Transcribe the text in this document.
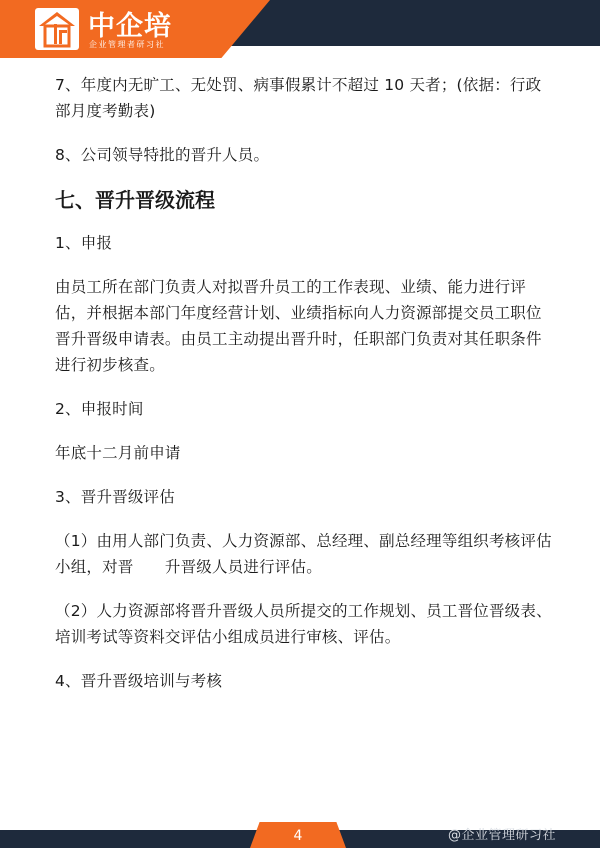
中企培
企业管理者研习社

7、年度内无旷工、无处罚、病事假累计不超过 10 天者；(依据：行政部月度考勤表)

8、公司领导特批的晋升人员。

七、晋升晋级流程

1、申报

由员工所在部门负责人对拟晋升员工的工作表现、业绩、能力进行评估，并根据本部门年度经营计划、业绩指标向人力资源部提交员工职位晋升晋级申请表。由员工主动提出晋升时，任职部门负责对其任职条件进行初步核查。

2、申报时间

年底十二月前申请

3、晋升晋级评估

（1）由用人部门负责、人力资源部、总经理、副总经理等组织考核评估小组，对晋　　升晋级人员进行评估。

（2）人力资源部将晋升晋级人员所提交的工作规划、员工晋位晋级表、培训考试等资料交评估小组成员进行审核、评估。

4、晋升晋级培训与考核

4	@企业管理研习社
